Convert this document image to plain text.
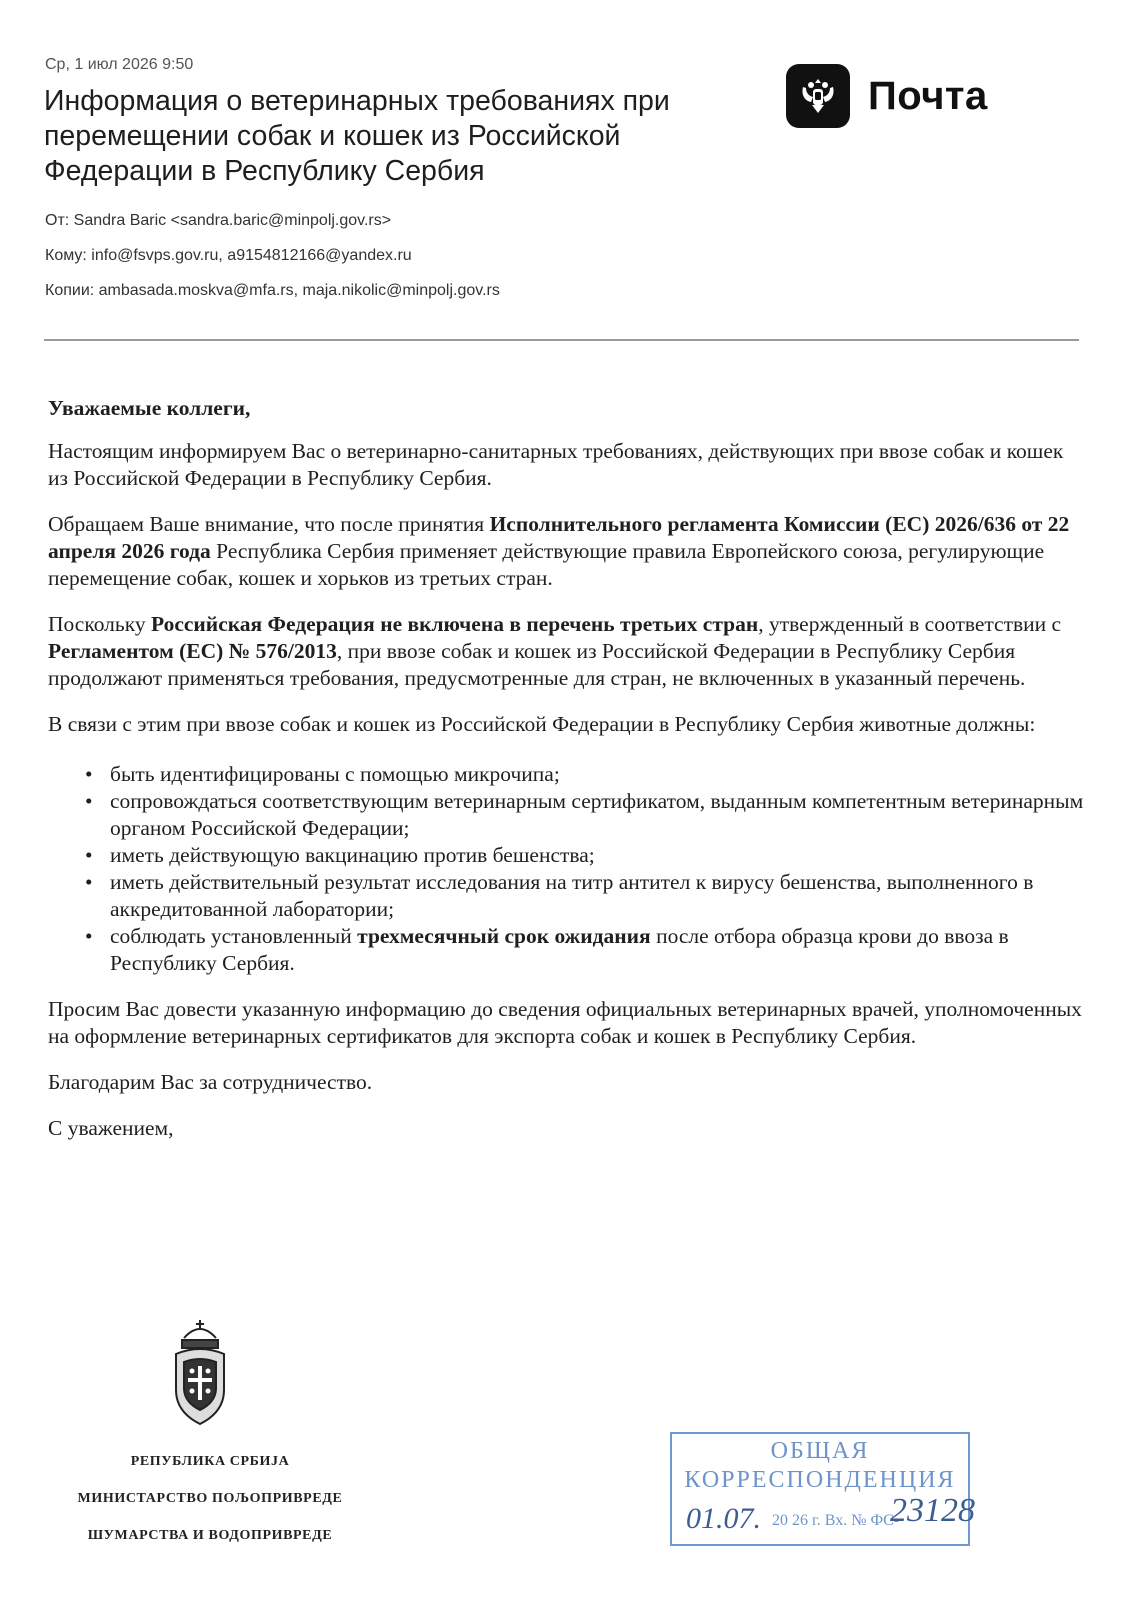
Ср, 1 июл 2026 9:50
Информация о ветеринарных требованиях при перемещении собак и кошек из Российской Федерации в Республику Сербия
Почта
От: Sandra Baric <sandra.baric@minpolj.gov.rs>
Кому: info@fsvps.gov.ru, a9154812166@yandex.ru
Копии: ambasada.moskva@mfa.rs, maja.nikolic@minpolj.gov.rs

Уважаемые коллеги,

Настоящим информируем Вас о ветеринарно-санитарных требованиях, действующих при ввозе собак и кошек из Российской Федерации в Республику Сербия.

Обращаем Ваше внимание, что после принятия Исполнительного регламента Комиссии (ЕС) 2026/636 от 22 апреля 2026 года Республика Сербия применяет действующие правила Европейского союза, регулирующие перемещение собак, кошек и хорьков из третьих стран.

Поскольку Российская Федерация не включена в перечень третьих стран, утвержденный в соответствии с Регламентом (ЕС) № 576/2013, при ввозе собак и кошек из Российской Федерации в Республику Сербия продолжают применяться требования, предусмотренные для стран, не включенных в указанный перечень.

В связи с этим при ввозе собак и кошек из Российской Федерации в Республику Сербия животные должны:

• быть идентифицированы с помощью микрочипа;
• сопровождаться соответствующим ветеринарным сертификатом, выданным компетентным ветеринарным органом Российской Федерации;
• иметь действующую вакцинацию против бешенства;
• иметь действительный результат исследования на титр антител к вирусу бешенства, выполненного в аккредитованной лаборатории;
• соблюдать установленный трехмесячный срок ожидания после отбора образца крови до ввоза в Республику Сербия.

Просим Вас довести указанную информацию до сведения официальных ветеринарных врачей, уполномоченных на оформление ветеринарных сертификатов для экспорта собак и кошек в Республику Сербия.

Благодарим Вас за сотрудничество.

С уважением,

РЕПУБЛИКА СРБИЈА
МИНИСТАРСТВО ПОЉОПРИВРЕДЕ
ШУМАРСТВА И ВОДОПРИВРЕДЕ
ОБЩАЯ
КОРРЕСПОНДЕНЦИЯ
01.07. 20 26 г. Вх. № ФС-
23128
